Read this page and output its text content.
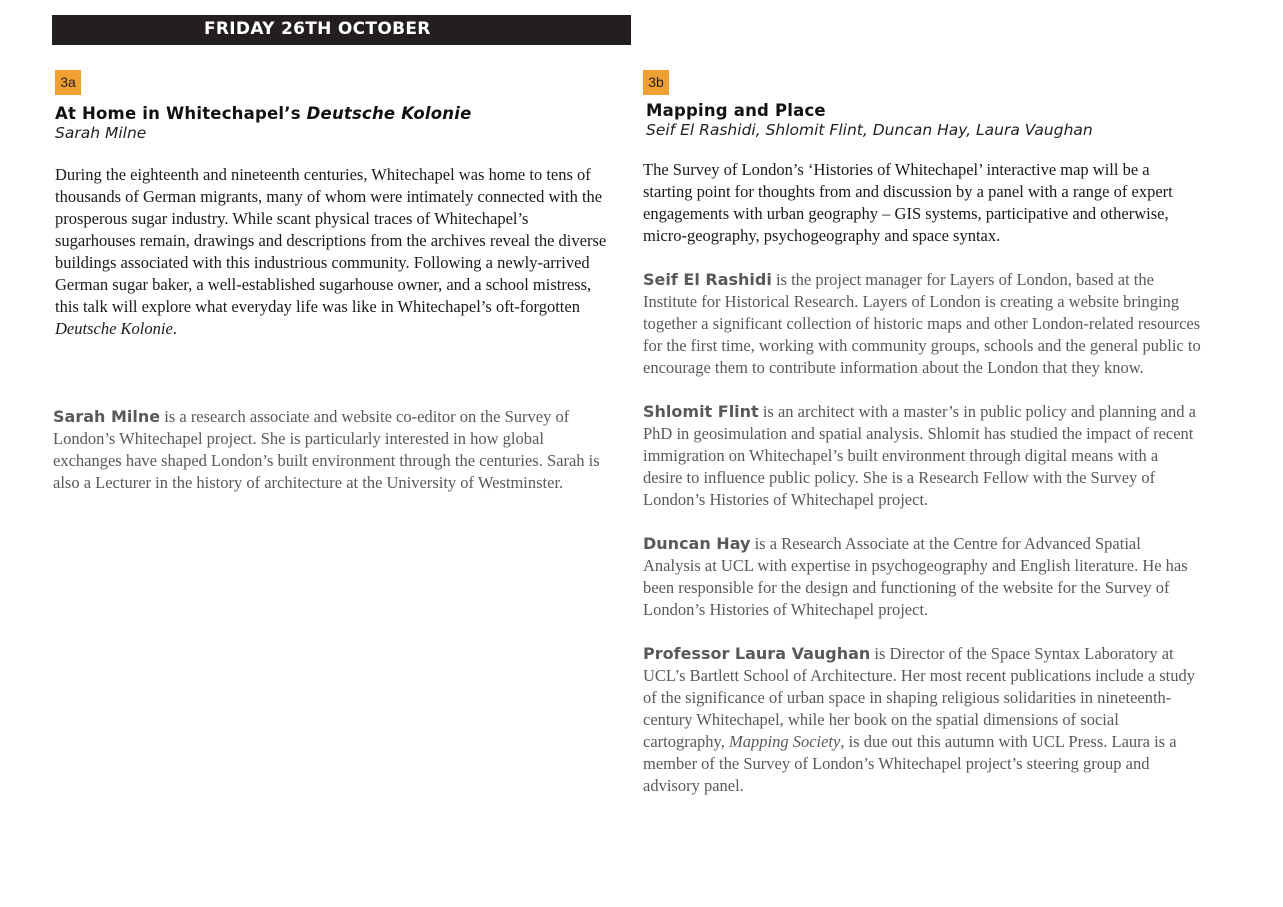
FRIDAY 26TH OCTOBER
3a
At Home in Whitechapel’s Deutsche Kolonie
Sarah Milne

During the eighteenth and nineteenth centuries, Whitechapel was home to tens of thousands of German migrants, many of whom were intimately connected with the prosperous sugar industry. While scant physical traces of Whitechapel’s sugarhouses remain, drawings and descriptions from the archives reveal the diverse buildings associated with this industrious community. Following a newly-arrived German sugar baker, a well-established sugarhouse owner, and a school mistress, this talk will explore what everyday life was like in Whitechapel’s oft-forgotten Deutsche Kolonie.

Sarah Milne is a research associate and website co-editor on the Survey of London’s Whitechapel project. She is particularly interested in how global exchanges have shaped London’s built environment through the centuries. Sarah is also a Lecturer in the history of architecture at the University of Westminster.

3b
Mapping and Place
Seif El Rashidi, Shlomit Flint, Duncan Hay, Laura Vaughan

The Survey of London’s ‘Histories of Whitechapel’ interactive map will be a starting point for thoughts from and discussion by a panel with a range of expert engagements with urban geography – GIS systems, participative and otherwise, micro-geography, psychogeography and space syntax.

Seif El Rashidi is the project manager for Layers of London, based at the Institute for Historical Research. Layers of London is creating a website bringing together a significant collection of historic maps and other London-related resources for the first time, working with community groups, schools and the general public to encourage them to contribute information about the London that they know.

Shlomit Flint is an architect with a master’s in public policy and planning and a PhD in geosimulation and spatial analysis. Shlomit has studied the impact of recent immigration on Whitechapel’s built environment through digital means with a desire to influence public policy. She is a Research Fellow with the Survey of London’s Histories of Whitechapel project.

Duncan Hay is a Research Associate at the Centre for Advanced Spatial Analysis at UCL with expertise in psychogeography and English literature. He has been responsible for the design and functioning of the website for the Survey of London’s Histories of Whitechapel project.

Professor Laura Vaughan is Director of the Space Syntax Laboratory at UCL’s Bartlett School of Architecture. Her most recent publications include a study of the significance of urban space in shaping religious solidarities in nineteenth-century Whitechapel, while her book on the spatial dimensions of social cartography, Mapping Society, is due out this autumn with UCL Press. Laura is a member of the Survey of London’s Whitechapel project’s steering group and advisory panel.
